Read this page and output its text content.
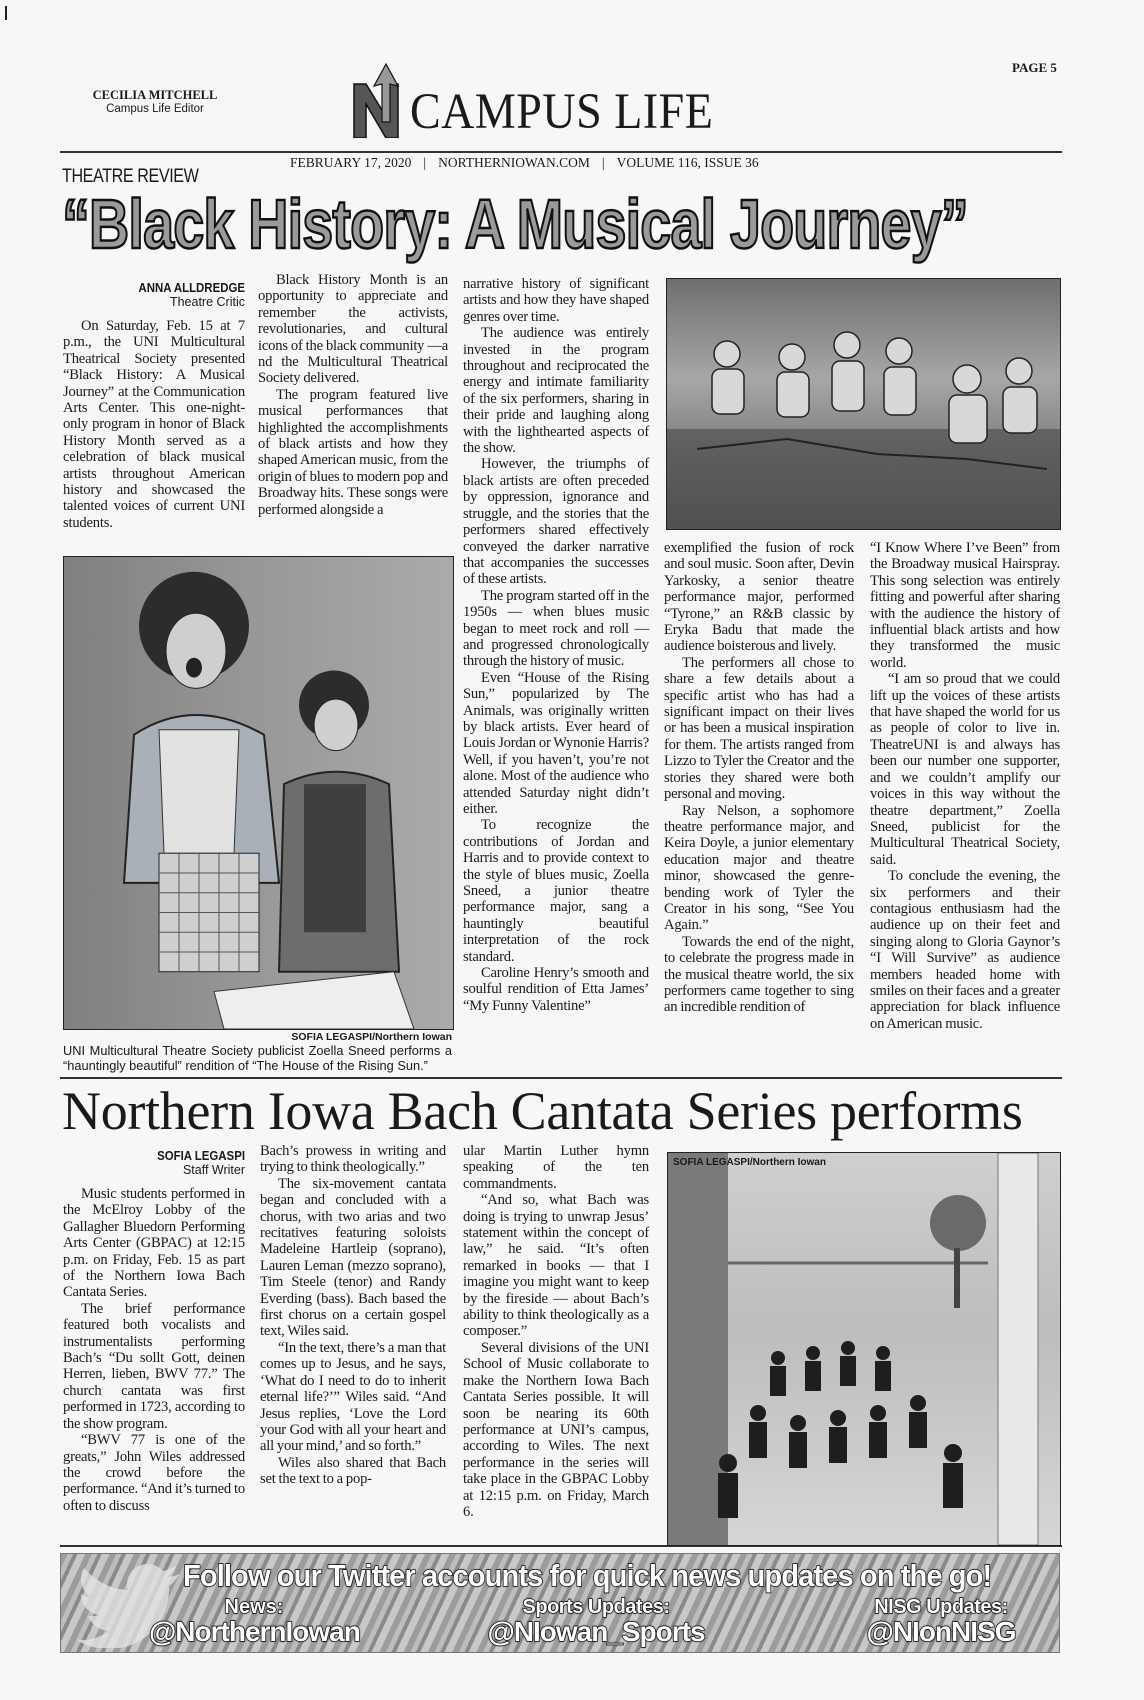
PAGE 5
CECILIA MITCHELL
Campus Life Editor	CAMPUS LIFE
FEBRUARY 17, 2020 | NORTHERNIOWAN.COM | VOLUME 116, ISSUE 36
THEATRE REVIEW
“Black History: A Musical Journey”
ANNA ALLDREDGE
Theatre Critic

On Saturday, Feb. 15 at 7 p.m., the UNI Multicultural Theatrical Society presented “Black History: A Musical Journey” at the Communication Arts Center. This one-night-only program in honor of Black History Month served as a celebration of black musical artists throughout American history and showcased the talented voices of current UNI students.

Black History Month is an opportunity to appreciate and remember the activists, revolutionaries, and cultural icons of the black community —a nd the Multicultural Theatrical Society delivered.

The program featured live musical performances that highlighted the accomplishments of black artists and how they shaped American music, from the origin of blues to modern pop and Broadway hits. These songs were performed alongside a

narrative history of significant artists and how they have shaped genres over time.

The audience was entirely invested in the program throughout and reciprocated the energy and intimate familiarity of the six performers, sharing in their pride and laughing along with the lighthearted aspects of the show.

However, the triumphs of black artists are often preceded by oppression, ignorance and struggle, and the stories that the performers shared effectively conveyed the darker narrative that accompanies the successes of these artists.

The program started off in the 1950s — when blues music began to meet rock and roll — and progressed chronologically through the history of music.

Even “House of the Rising Sun,” popularized by The Animals, was originally written by black artists. Ever heard of Louis Jordan or Wynonie Harris? Well, if you haven’t, you’re not alone. Most of the audience who attended Saturday night didn’t either.

To recognize the contributions of Jordan and Harris and to provide context to the style of blues music, Zoella Sneed, a junior theatre performance major, sang a hauntingly beautiful interpretation of the rock standard.

Caroline Henry’s smooth and soulful rendition of Etta James’ “My Funny Valentine”

exemplified the fusion of rock and soul music. Soon after, Devin Yarkosky, a senior theatre performance major, performed “Tyrone,” an R&B classic by Eryka Badu that made the audience boisterous and lively.

The performers all chose to share a few details about a specific artist who has had a significant impact on their lives or has been a musical inspiration for them. The artists ranged from Lizzo to Tyler the Creator and the stories they shared were both personal and moving.

Ray Nelson, a sophomore theatre performance major, and Keira Doyle, a junior elementary education major and theatre minor, showcased the genre-bending work of Tyler the Creator in his song, “See You Again.”

Towards the end of the night, to celebrate the progress made in the musical theatre world, the six performers came together to sing an incredible rendition of

“I Know Where I’ve Been” from the Broadway musical Hairspray. This song selection was entirely fitting and powerful after sharing with the audience the history of influential black artists and how they transformed the music world.

“I am so proud that we could lift up the voices of these artists that have shaped the world for us as people of color to live in. TheatreUNI is and always has been our number one supporter, and we couldn’t amplify our voices in this way without the theatre department,” Zoella Sneed, publicist for the Multicultural Theatrical Society, said.

To conclude the evening, the six performers and their contagious enthusiasm had the audience up on their feet and singing along to Gloria Gaynor’s “I Will Survive” as audience members headed home with smiles on their faces and a greater appreciation for black influence on American music.

SOFIA LEGASPI/Northern Iowan
UNI Multicultural Theatre Society publicist Zoella Sneed performs a “hauntingly beautiful” rendition of “The House of the Rising Sun.”
Northern Iowa Bach Cantata Series performs
SOFIA LEGASPI
Staff Writer

Music students performed in the McElroy Lobby of the Gallagher Bluedorn Performing Arts Center (GBPAC) at 12:15 p.m. on Friday, Feb. 15 as part of the Northern Iowa Bach Cantata Series.

The brief performance featured both vocalists and instrumentalists performing Bach’s “Du sollt Gott, deinen Herren, lieben, BWV 77.” The church cantata was first performed in 1723, according to the show program.

“BWV 77 is one of the greats,” John Wiles addressed the crowd before the performance. “And it’s turned to often to discuss

Bach’s prowess in writing and trying to think theologically.”

The six-movement cantata began and concluded with a chorus, with two arias and two recitatives featuring soloists Madeleine Hartleip (soprano), Lauren Leman (mezzo soprano), Tim Steele (tenor) and Randy Everding (bass). Bach based the first chorus on a certain gospel text, Wiles said.

“In the text, there’s a man that comes up to Jesus, and he says, ‘What do I need to do to inherit eternal life?’” Wiles said. “And Jesus replies, ‘Love the Lord your God with all your heart and all your mind,’ and so forth.”

Wiles also shared that Bach set the text to a pop-

ular Martin Luther hymn speaking of the ten commandments.

“And so, what Bach was doing is trying to unwrap Jesus’ statement within the concept of law,” he said. “It’s often remarked in books — that I imagine you might want to keep by the fireside — about Bach’s ability to think theologically as a composer.”

Several divisions of the UNI School of Music collaborate to make the Northern Iowa Bach Cantata Series possible. It will soon be nearing its 60th performance at UNI’s campus, according to Wiles. The next performance in the series will take place in the GBPAC Lobby at 12:15 p.m. on Friday, March 6.

SOFIA LEGASPI/Northern Iowan
Follow our Twitter accounts for quick news updates on the go!
News:
@NorthernIowan
Sports Updates:
@NIowan_Sports
NISG Updates:
@NIonNISG
